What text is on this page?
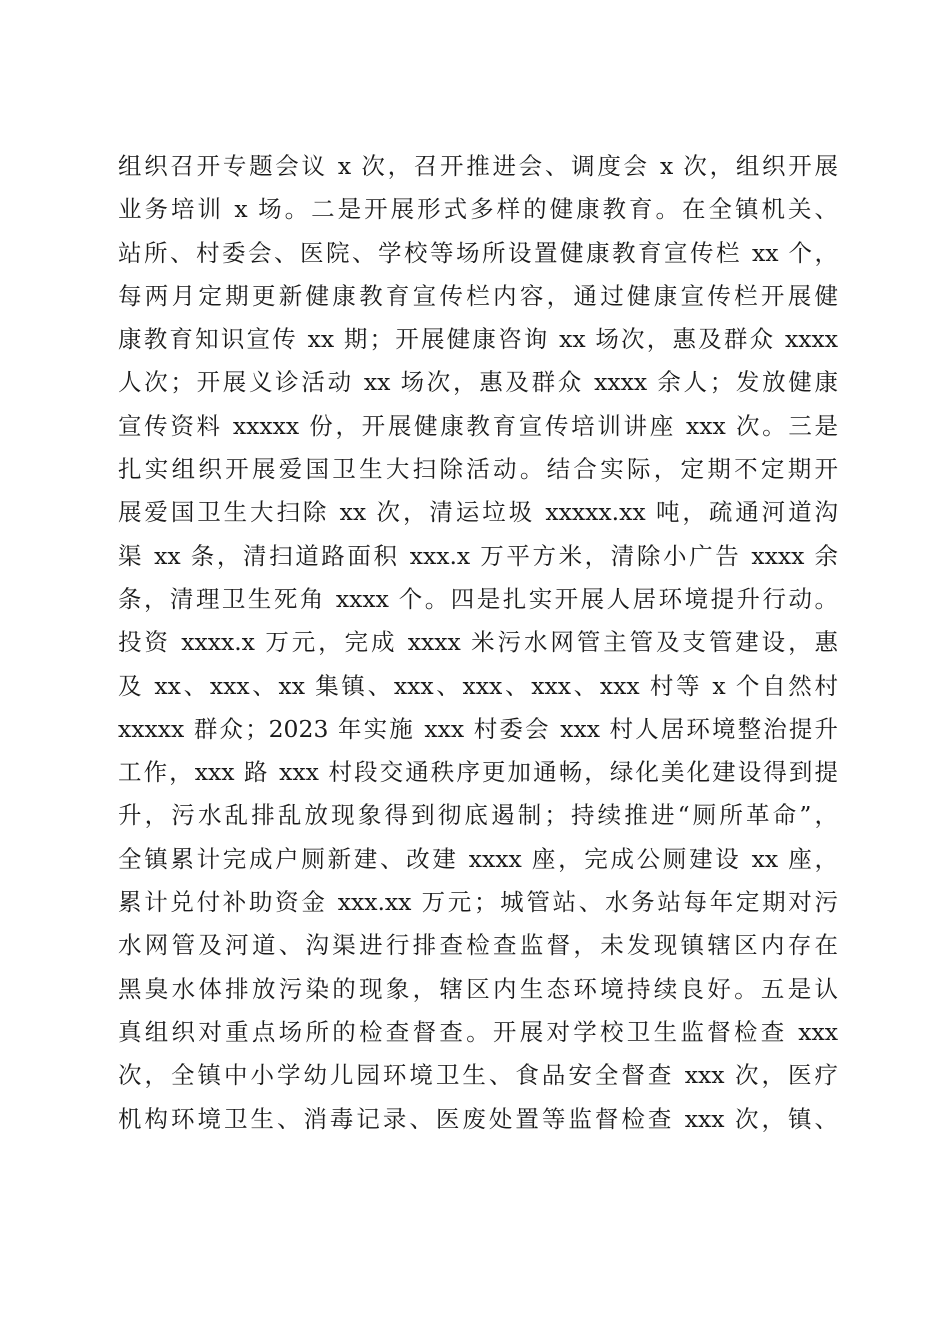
组织召开专题会议 x 次，召开推进会、调度会 x 次，组织开展
业务培训 x 场。二是开展形式多样的健康教育。在全镇机关、
站所、村委会、医院、学校等场所设置健康教育宣传栏 xx 个，
每两月定期更新健康教育宣传栏内容，通过健康宣传栏开展健
康教育知识宣传 xx 期；开展健康咨询 xx 场次，惠及群众 xxxx
人次；开展义诊活动 xx 场次，惠及群众 xxxx 余人；发放健康
宣传资料 xxxxx 份，开展健康教育宣传培训讲座 xxx 次。三是
扎实组织开展爱国卫生大扫除活动。结合实际，定期不定期开
展爱国卫生大扫除 xx 次，清运垃圾 xxxxx.xx 吨，疏通河道沟
渠 xx 条，清扫道路面积 xxx.x 万平方米，清除小广告 xxxx 余
条，清理卫生死角 xxxx 个。四是扎实开展人居环境提升行动。
投资 xxxx.x 万元，完成 xxxx 米污水网管主管及支管建设，惠
及 xx、xxx、xx 集镇、xxx、xxx、xxx、xxx 村等 x 个自然村
xxxxx 群众；2023 年实施 xxx 村委会 xxx 村人居环境整治提升
工作，xxx 路 xxx 村段交通秩序更加通畅，绿化美化建设得到提
升，污水乱排乱放现象得到彻底遏制；持续推进“厕所革命”，
全镇累计完成户厕新建、改建 xxxx 座，完成公厕建设 xx 座，
累计兑付补助资金 xxx.xx 万元；城管站、水务站每年定期对污
水网管及河道、沟渠进行排查检查监督，未发现镇辖区内存在
黑臭水体排放污染的现象，辖区内生态环境持续良好。五是认
真组织对重点场所的检查督查。开展对学校卫生监督检查 xxx
次，全镇中小学幼儿园环境卫生、食品安全督查 xxx 次，医疗
机构环境卫生、消毒记录、医废处置等监督检查 xxx 次，镇、
